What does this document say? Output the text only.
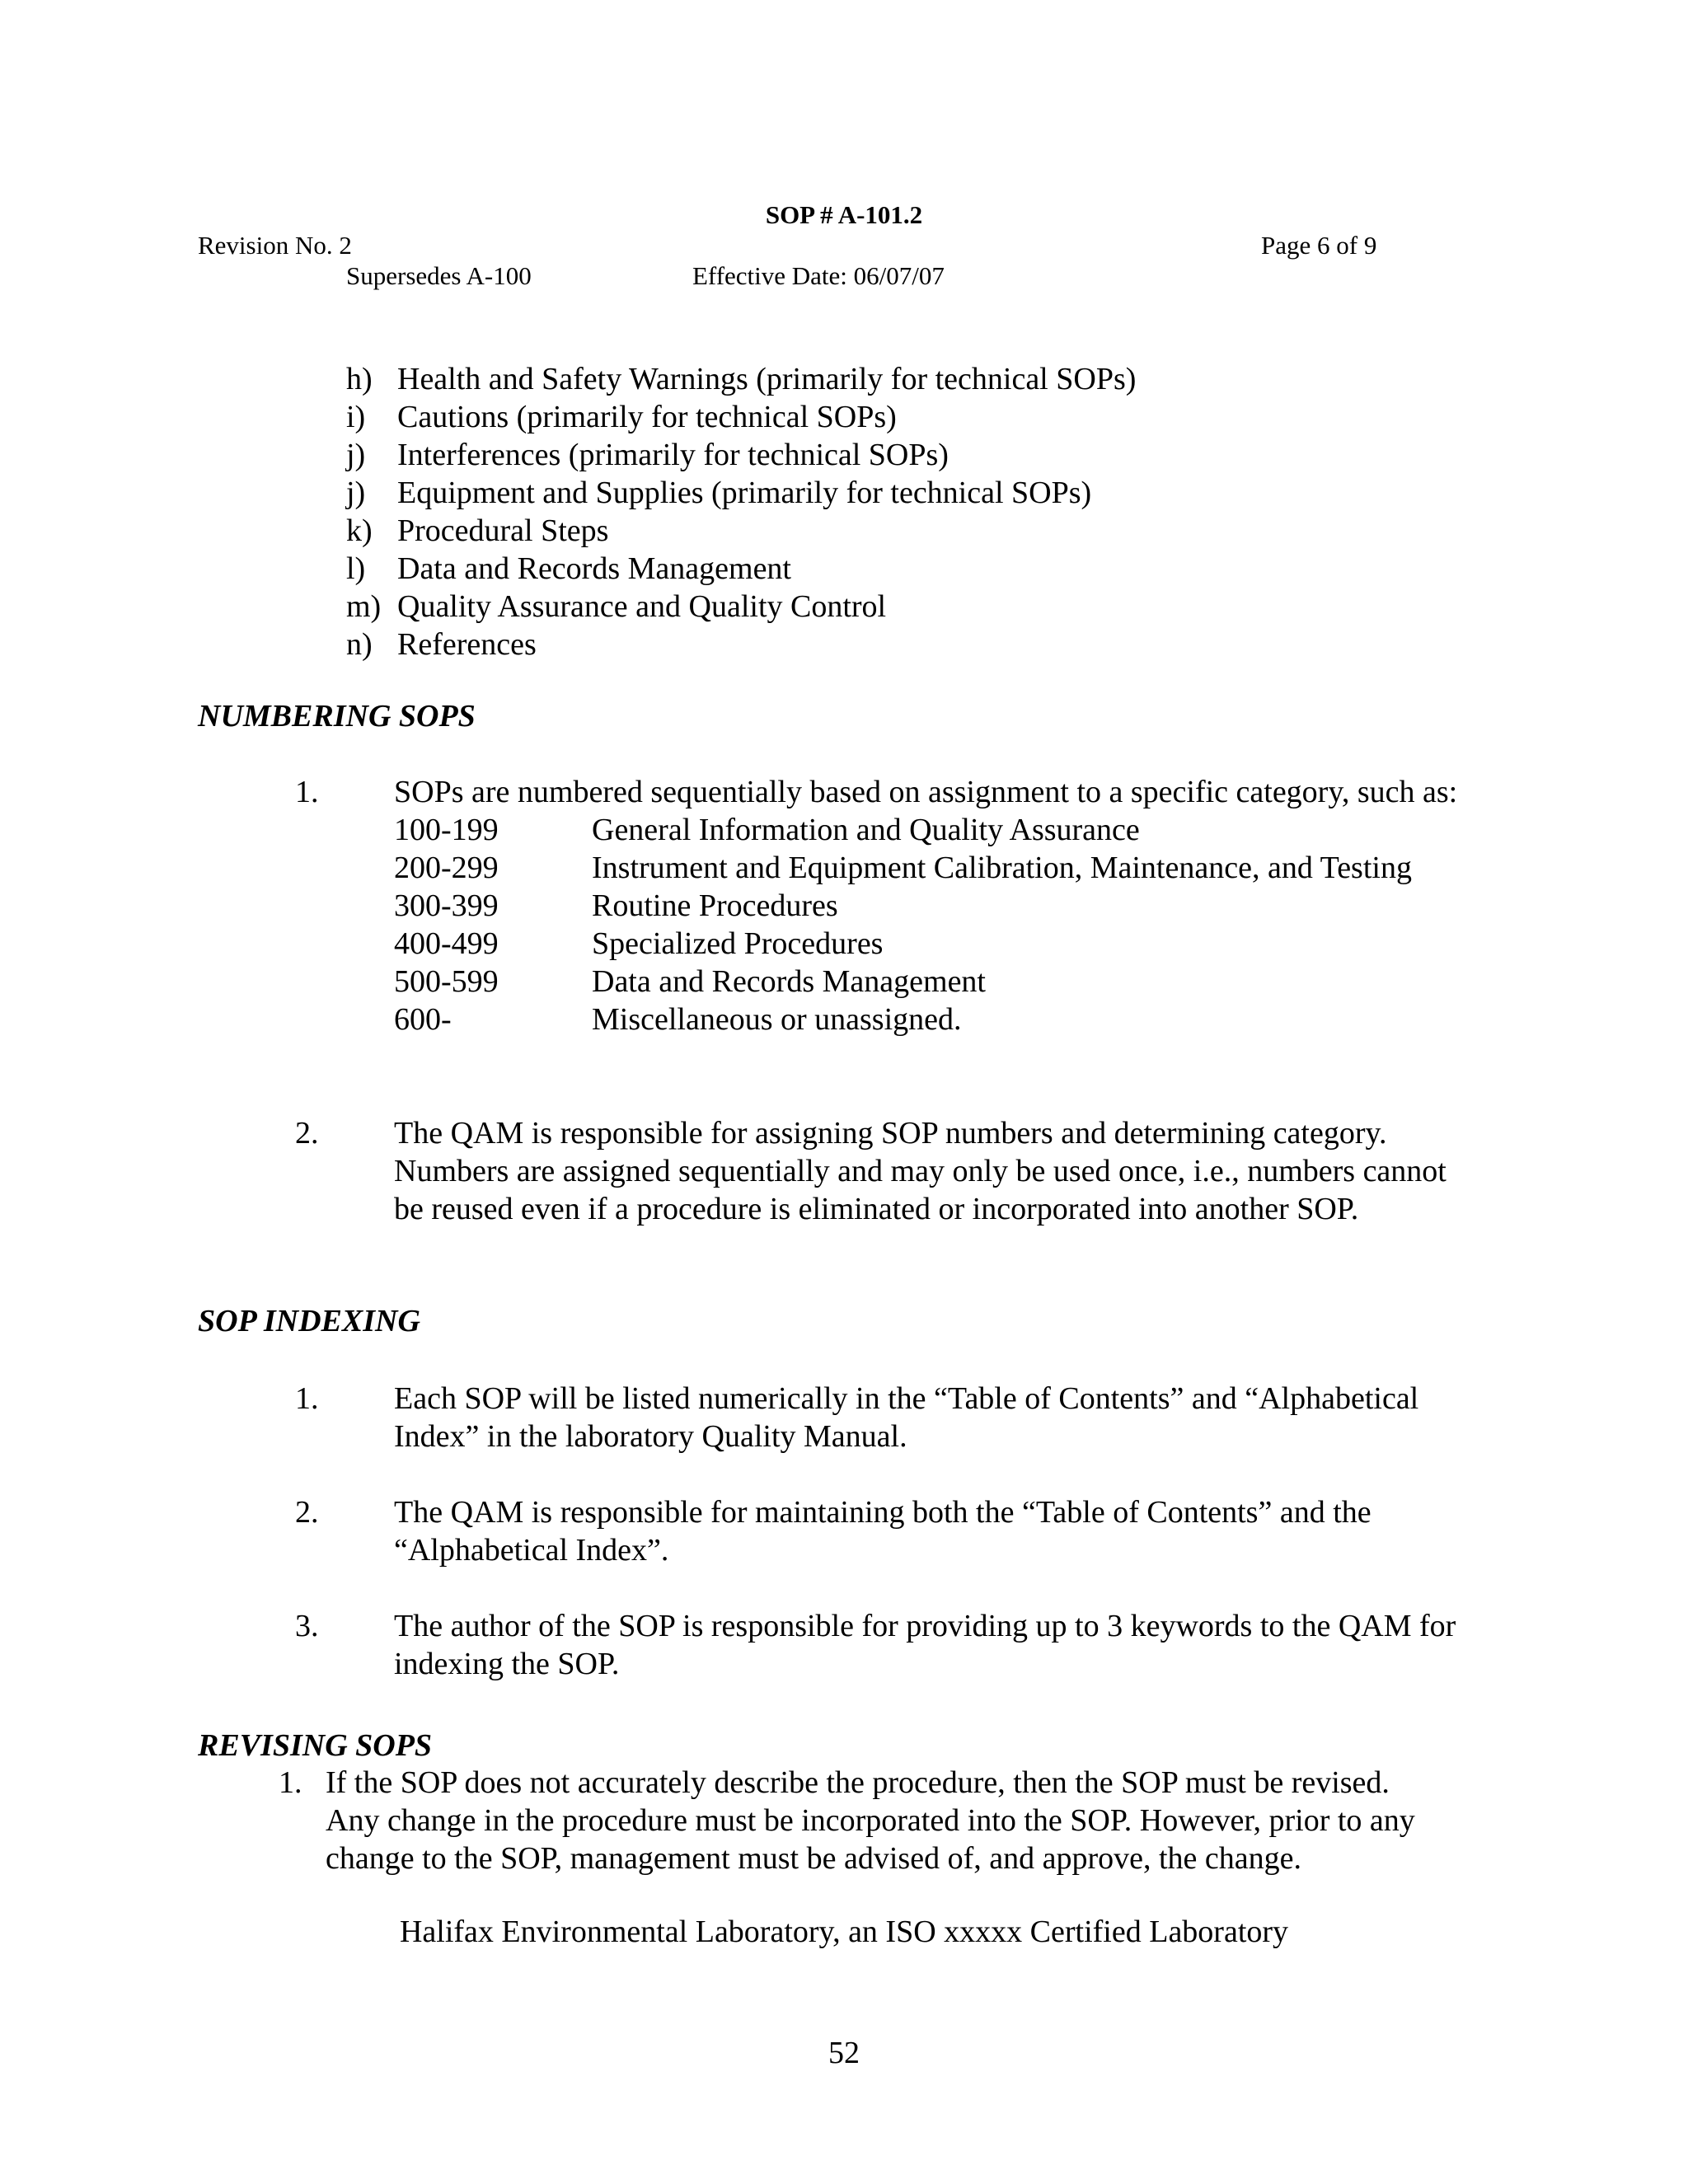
SOP # A-101.2
Revision No. 2	Page 6 of 9
Supersedes A-100	Effective Date: 06/07/07
h) Health and Safety Warnings (primarily for technical SOPs)
i)	Cautions (primarily for technical SOPs)
j)	Interferences (primarily for technical SOPs)
j)	Equipment and Supplies (primarily for technical SOPs)
k) Procedural Steps
l)	Data and Records Management
m) Quality Assurance and Quality Control
n) References
NUMBERING SOPS
1.	SOPs are numbered sequentially based on assignment to a specific category, such as:
100-199	General Information and Quality Assurance
200-299	Instrument and Equipment Calibration, Maintenance, and Testing
300-399	Routine Procedures
400-499	Specialized Procedures
500-599	Data and Records Management
600-	Miscellaneous or unassigned.
2.	The QAM is responsible for assigning SOP numbers and determining category. Numbers are assigned sequentially and may only be used once, i.e., numbers cannot be reused even if a procedure is eliminated or incorporated into another SOP.
SOP INDEXING
1.	Each SOP will be listed numerically in the “Table of Contents” and “Alphabetical Index” in the laboratory Quality Manual.
2.	The QAM is responsible for maintaining both the “Table of Contents” and the “Alphabetical Index”.
3.	The author of the SOP is responsible for providing up to 3 keywords to the QAM for indexing the SOP.
REVISING SOPS
1. If the SOP does not accurately describe the procedure, then the SOP must be revised. Any change in the procedure must be incorporated into the SOP. However, prior to any change to the SOP, management must be advised of, and approve, the change.
Halifax Environmental Laboratory, an ISO xxxxx Certified Laboratory
52
